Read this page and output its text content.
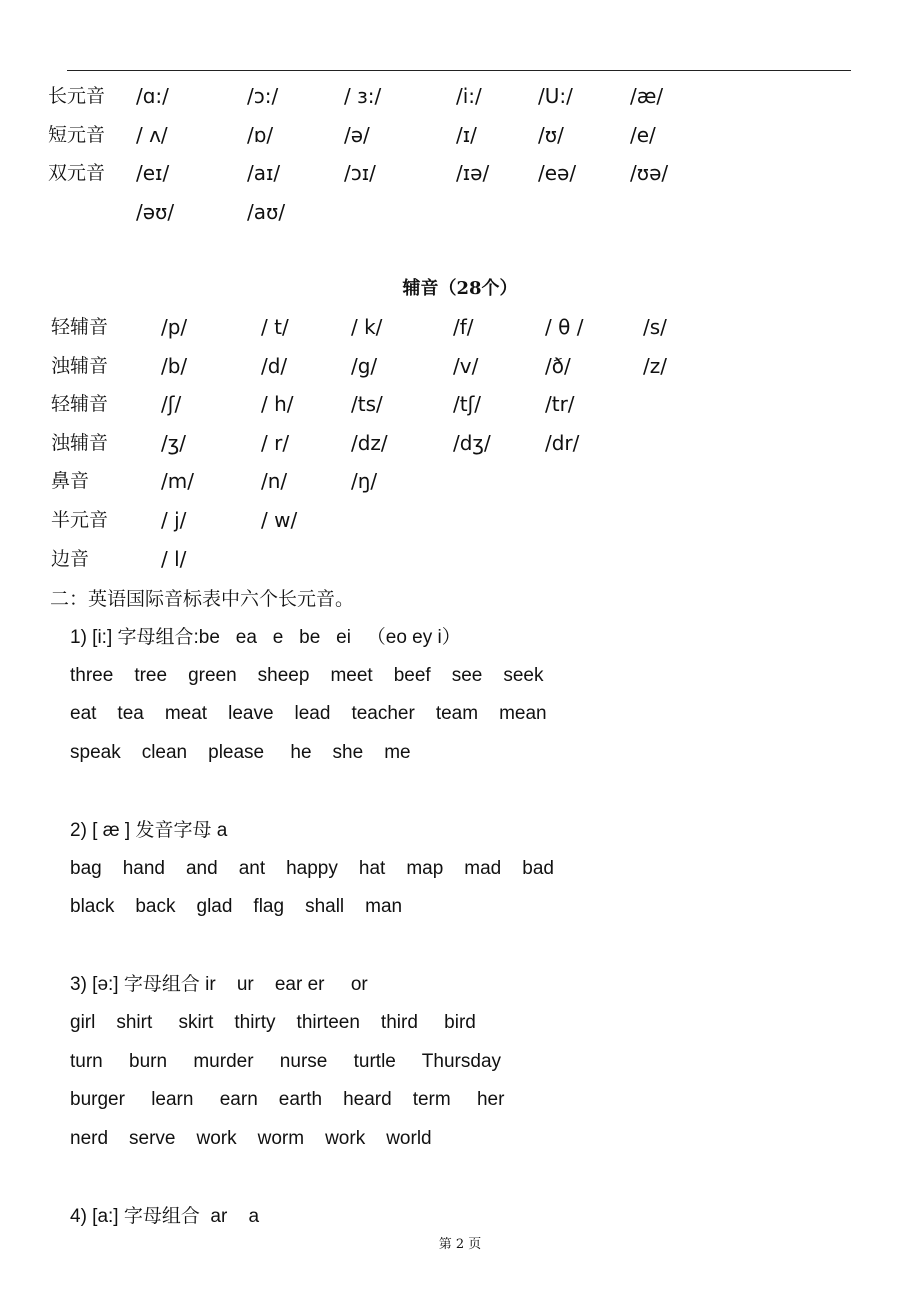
长元音 /ɑ:/	/ɔ:/	/ ɜ:/	/i:/	/U:/	/æ/
短元音 / ʌ/	/ɒ/	/ə/	/ɪ/	/ʊ/	/e/
双元音 /eɪ/	/aɪ/	/ɔɪ/	/ɪə/ /eə/	/ʊə/
/əʊ/	/aʊ/
辅音（28个）
轻辅音	/p/	/ t/	/ k/	/f/	/ θ /	/s/
浊辅音	/b/	/d/	/g/	/v/	/ð/	/z/
轻辅音	/ʃ/	/ h/	/ts/	/tʃ/	/tr/
浊辅音	/ʒ/	/ r/	/dz/	/dʒ/	/dr/
鼻音	/m/	/n/	/ŋ/
半元音	/ j/	/ w/
边音	/ l/
二：英语国际音标表中六个长元音。
1) [i:] 字母组合:be   ea   e   be   ei   （eo ey i）
three tree green sheep meet beef see seek
eat tea meat leave lead teacher team mean
speak clean please he she me
2) [ æ ] 发音字母 a
bag hand and ant happy hat map mad bad
black back glad flag shall man
3) [ə:] 字母组合 ir    ur    ear er     or
girl shirt skirt thirty thirteen third bird
turn burn murder nurse turtle Thursday
burger learn earn earth heard term her
nerd serve work worm work world
4) [a:] 字母组合  ar    a
第 2 页
